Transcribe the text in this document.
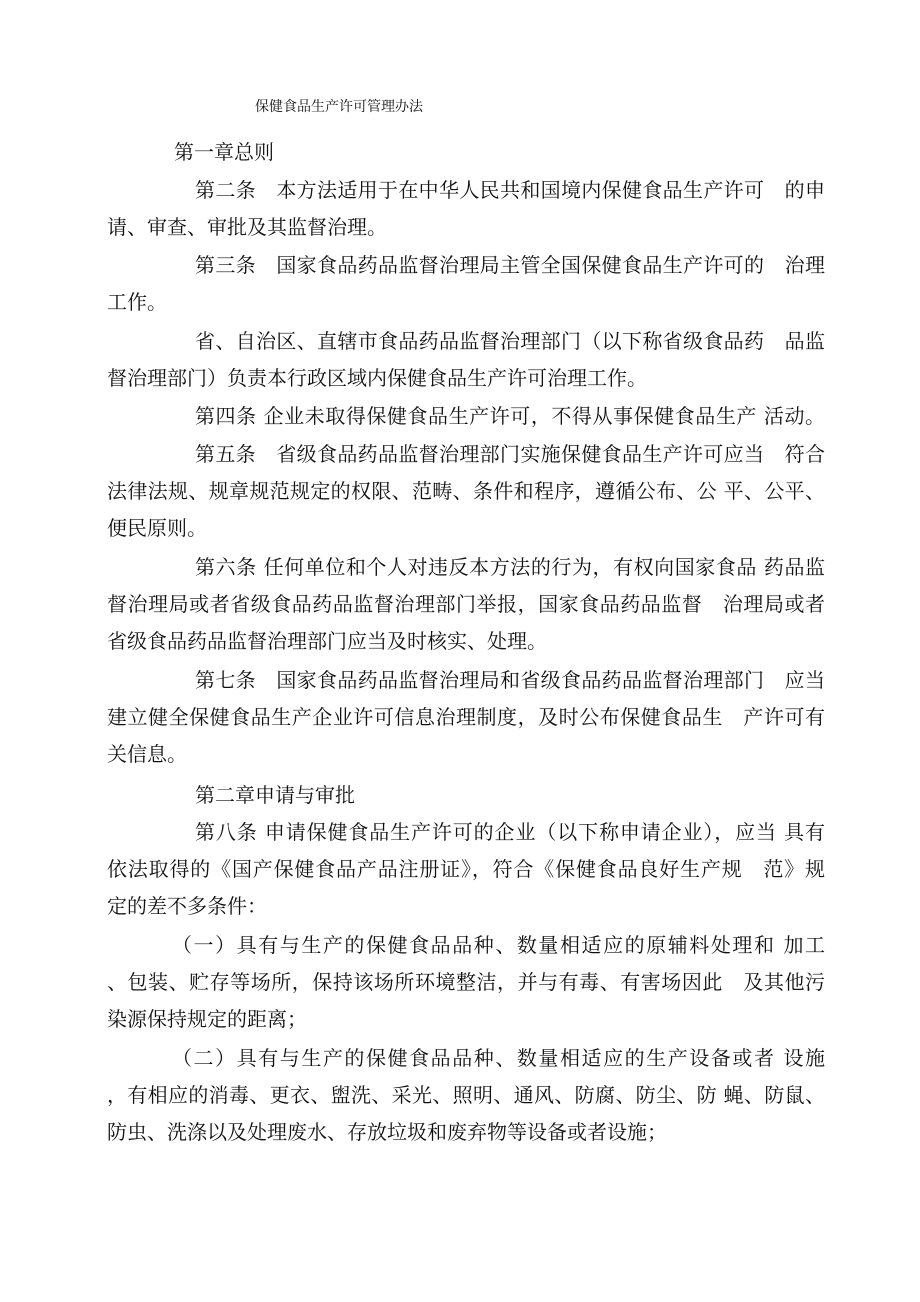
保健食品生产许可管理办法
第一章总则
第二条　本方法适用于在中华人民共和国境内保健食品生产许可　的申
请、审查、审批及其监督治理。
第三条　国家食品药品监督治理局主管全国保健食品生产许可的　治理
工作。
省、自治区、直辖市食品药品监督治理部门（以下称省级食品药　品监
督治理部门）负责本行政区域内保健食品生产许可治理工作。
第四条 企业未取得保健食品生产许可，不得从事保健食品生产 活动。
第五条　省级食品药品监督治理部门实施保健食品生产许可应当　符合
法律法规、规章规范规定的权限、范畴、条件和程序，遵循公布、公 平、公平、
便民原则。
第六条 任何单位和个人对违反本方法的行为，有权向国家食品 药品监
督治理局或者省级食品药品监督治理部门举报，国家食品药品监督　治理局或者
省级食品药品监督治理部门应当及时核实、处理。
第七条　国家食品药品监督治理局和省级食品药品监督治理部门　应当
建立健全保健食品生产企业许可信息治理制度，及时公布保健食品生　产许可有
关信息。
第二章申请与审批
第八条 申请保健食品生产许可的企业（以下称申请企业），应当 具有
依法取得的《国产保健食品产品注册证》，符合《保健食品良好生产规　范》规
定的差不多条件：
（一）具有与生产的保健食品品种、数量相适应的原辅料处理和 加工
、包装、贮存等场所，保持该场所环境整洁，并与有毒、有害场因此　及其他污
染源保持规定的距离；
（二）具有与生产的保健食品品种、数量相适应的生产设备或者 设施
，有相应的消毒、更衣、盥洗、采光、照明、通风、防腐、防尘、防 蝇、防鼠、
防虫、洗涤以及处理废水、存放垃圾和废弃物等设备或者设施；
